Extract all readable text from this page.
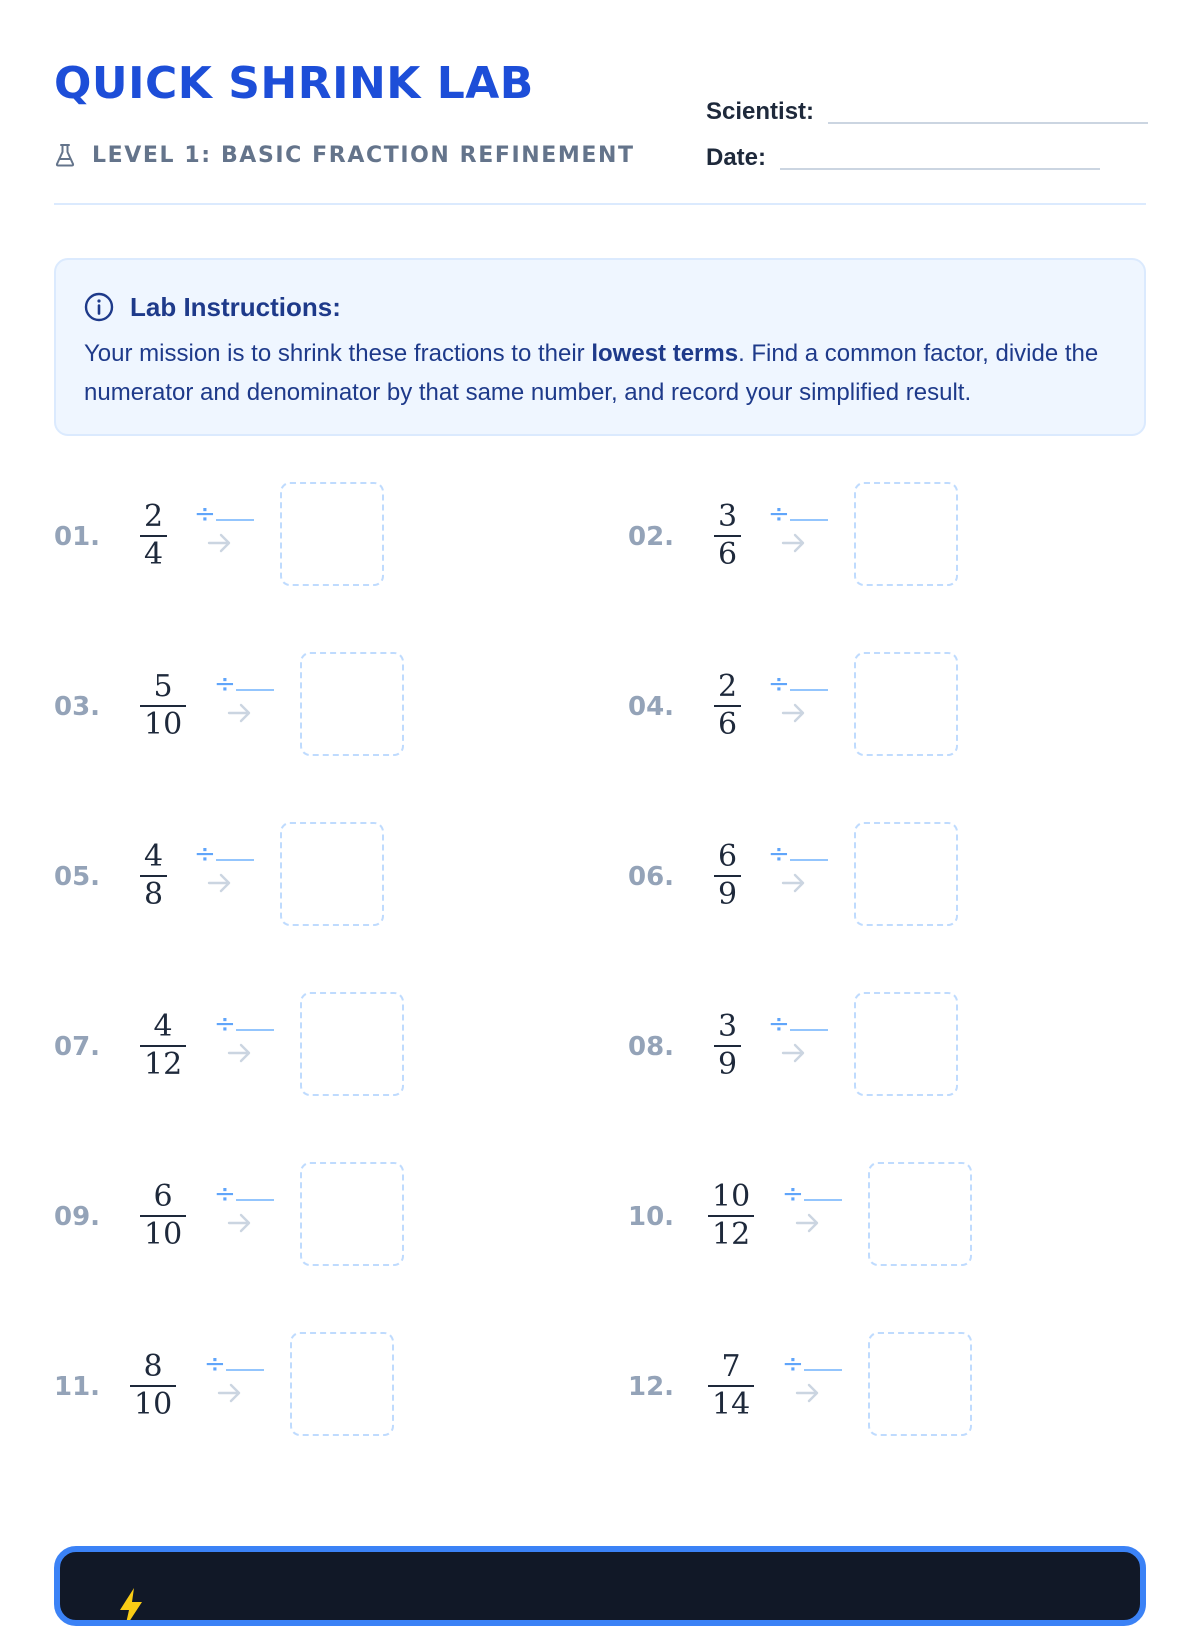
QUICK SHRINK LAB
LEVEL 1: BASIC FRACTION REFINEMENT
Scientist:
Date:
Lab Instructions:
Your mission is to shrink these fractions to their lowest terms. Find a common factor, divide the numerator and denominator by that same number, and record your simplified result.
01.
2
4
÷
02.
3
6
÷
03.
5
10
÷
04.
2
6
÷
05.
4
8
÷
06.
6
9
÷
07.
4
12
÷
08.
3
9
÷
09.
6
10
÷
10.
10
12
÷
11.
8
10
÷
12.
7
14
÷
